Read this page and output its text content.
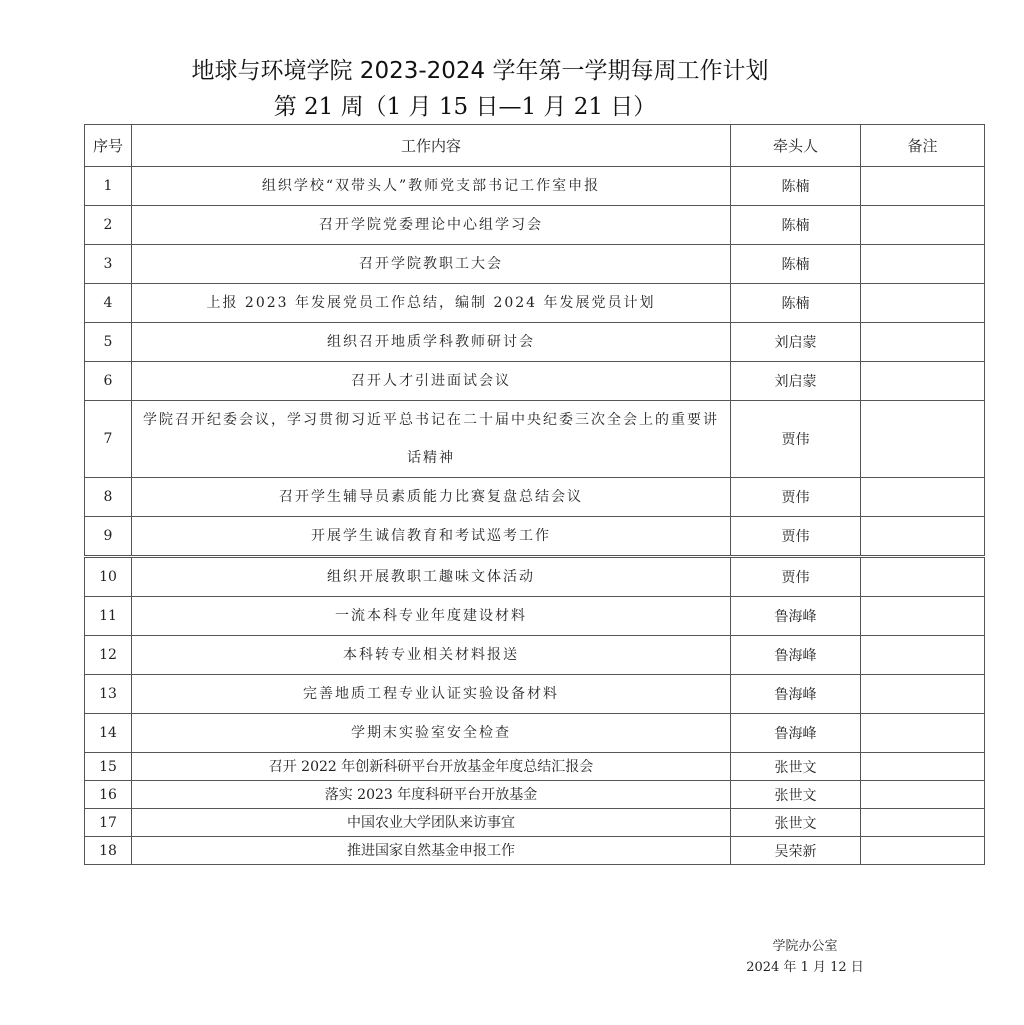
地球与环境学院 2023-2024 学年第一学期每周工作计划
第 21 周（1 月 15 日—1 月 21 日）
序号	工作内容	牵头人	备注
1	组织学校“双带头人”教师党支部书记工作室申报	陈楠	
2	召开学院党委理论中心组学习会	陈楠	
3	召开学院教职工大会	陈楠	
4	上报 2023 年发展党员工作总结，编制 2024 年发展党员计划	陈楠	
5	组织召开地质学科教师研讨会	刘启蒙	
6	召开人才引进面试会议	刘启蒙	
7	学院召开纪委会议，学习贯彻习近平总书记在二十届中央纪委三次全会上的重要讲话精神	贾伟	
8	召开学生辅导员素质能力比赛复盘总结会议	贾伟	
9	开展学生诚信教育和考试巡考工作	贾伟	
10	组织开展教职工趣味文体活动	贾伟	
11	一流本科专业年度建设材料	鲁海峰	
12	本科转专业相关材料报送	鲁海峰	
13	完善地质工程专业认证实验设备材料	鲁海峰	
14	学期末实验室安全检查	鲁海峰	
15	召开 2022 年创新科研平台开放基金年度总结汇报会	张世文	
16	落实 2023 年度科研平台开放基金	张世文	
17	中国农业大学团队来访事宜	张世文	
18	推进国家自然基金申报工作	吴荣新	
学院办公室
2024 年 1 月 12 日
